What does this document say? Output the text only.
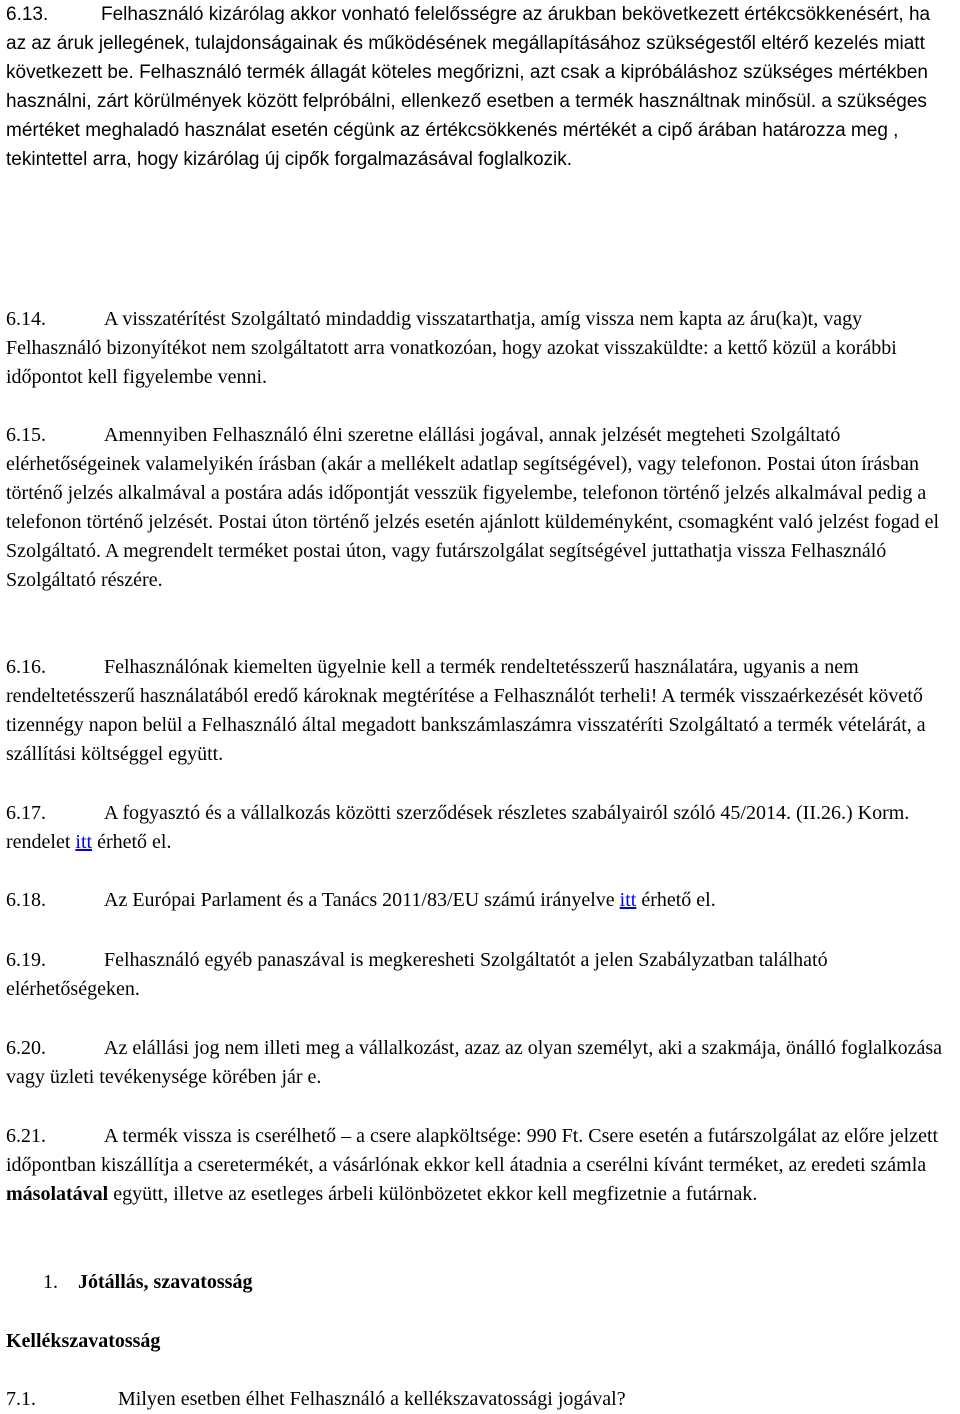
6.13.	Felhasználó kizárólag akkor vonható felelősségre az árukban bekövetkezett értékcsökkenésért, ha az az áruk jellegének, tulajdonságainak és működésének megállapításához szükségestől eltérő kezelés miatt következett be. Felhasználó termék állagát köteles megőrizni, azt csak a kipróbáláshoz szükséges mértékben használni, zárt körülmények között felpróbálni, ellenkező esetben a termék használtnak minősül. a szükséges mértéket meghaladó használat esetén cégünk az értékcsökkenés mértékét a cipő árában határozza meg , tekintettel arra, hogy kizárólag új cipők forgalmazásával foglalkozik.

6.14.	A visszatérítést Szolgáltató mindaddig visszatarthatja, amíg vissza nem kapta az áru(ka)t, vagy Felhasználó bizonyítékot nem szolgáltatott arra vonatkozóan, hogy azokat visszaküldte: a kettő közül a korábbi időpontot kell figyelembe venni.

6.15.	Amennyiben Felhasználó élni szeretne elállási jogával, annak jelzését megteheti Szolgáltató elérhetőségeinek valamelyikén írásban (akár a mellékelt adatlap segítségével), vagy telefonon. Postai úton írásban történő jelzés alkalmával a postára adás időpontját vesszük figyelembe, telefonon történő jelzés alkalmával pedig a telefonon történő jelzését. Postai úton történő jelzés esetén ajánlott küldeményként, csomagként való jelzést fogad el Szolgáltató. A megrendelt terméket postai úton, vagy futárszolgálat segítségével juttathatja vissza Felhasználó Szolgáltató részére.

6.16.	Felhasználónak kiemelten ügyelnie kell a termék rendeltetésszerű használatára, ugyanis a nem rendeltetésszerű használatából eredő károknak megtérítése a Felhasználót terheli! A termék visszaérkezését követő tizennégy napon belül a Felhasználó által megadott bankszámlaszámra visszatéríti Szolgáltató a termék vételárát, a szállítási költséggel együtt.

6.17.	A fogyasztó és a vállalkozás közötti szerződések részletes szabályairól szóló 45/2014. (II.26.) Korm. rendelet itt érhető el.

6.18.	Az Európai Parlament és a Tanács 2011/83/EU számú irányelve itt érhető el.

6.19.	Felhasználó egyéb panaszával is megkeresheti Szolgáltatót a jelen Szabályzatban található elérhetőségeken.

6.20.	Az elállási jog nem illeti meg a vállalkozást, azaz az olyan személyt, aki a szakmája, önálló foglalkozása vagy üzleti tevékenysége körében jár e.

6.21.	A termék vissza is cserélhető – a csere alapköltsége: 990 Ft. Csere esetén a futárszolgálat az előre jelzett időpontban kiszállítja a cseretermékét, a vásárlónak ekkor kell átadnia a cserélni kívánt terméket, az eredeti számla másolatával együtt, illetve az esetleges árbeli különbözetet ekkor kell megfizetnie a futárnak.

1. Jótállás, szavatosság
Kellékszavatosság

7.1.	Milyen esetben élhet Felhasználó a kellékszavatossági jogával?
